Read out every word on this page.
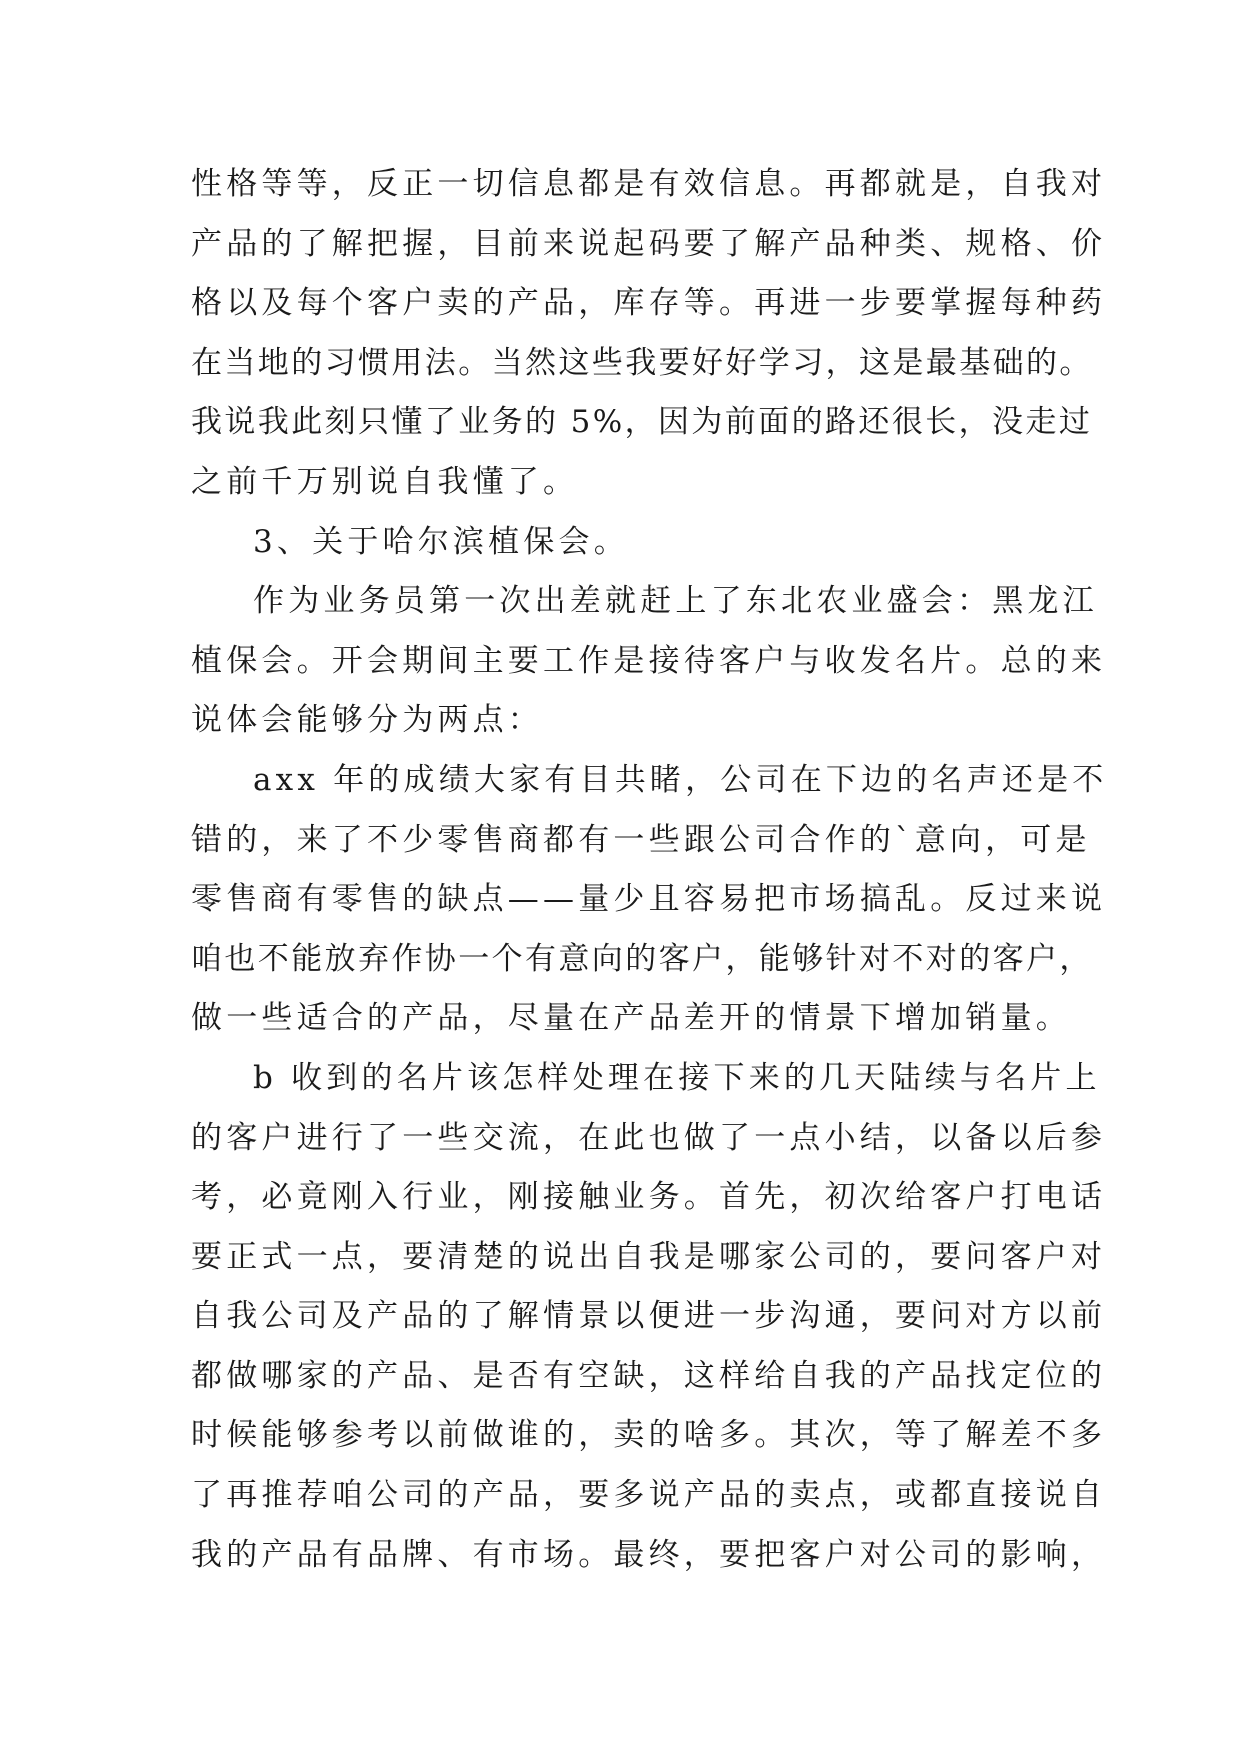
性格等等，反正一切信息都是有效信息。再都就是，自我对
产品的了解把握，目前来说起码要了解产品种类、规格、价
格以及每个客户卖的产品，库存等。再进一步要掌握每种药
在当地的习惯用法。当然这些我要好好学习，这是最基础的。
我说我此刻只懂了业务的 5%，因为前面的路还很长，没走过
之前千万别说自我懂了。
3、关于哈尔滨植保会。
作为业务员第一次出差就赶上了东北农业盛会：黑龙江
植保会。开会期间主要工作是接待客户与收发名片。总的来
说体会能够分为两点：
axx 年的成绩大家有目共睹，公司在下边的名声还是不
错的，来了不少零售商都有一些跟公司合作的`意向，可是
零售商有零售的缺点——量少且容易把市场搞乱。反过来说
咱也不能放弃作协一个有意向的客户，能够针对不对的客户，
做一些适合的产品，尽量在产品差开的情景下增加销量。
b 收到的名片该怎样处理在接下来的几天陆续与名片上
的客户进行了一些交流，在此也做了一点小结，以备以后参
考，必竟刚入行业，刚接触业务。首先，初次给客户打电话
要正式一点，要清楚的说出自我是哪家公司的，要问客户对
自我公司及产品的了解情景以便进一步沟通，要问对方以前
都做哪家的产品、是否有空缺，这样给自我的产品找定位的
时候能够参考以前做谁的，卖的啥多。其次，等了解差不多
了再推荐咱公司的产品，要多说产品的卖点，或都直接说自
我的产品有品牌、有市场。最终，要把客户对公司的影响，
